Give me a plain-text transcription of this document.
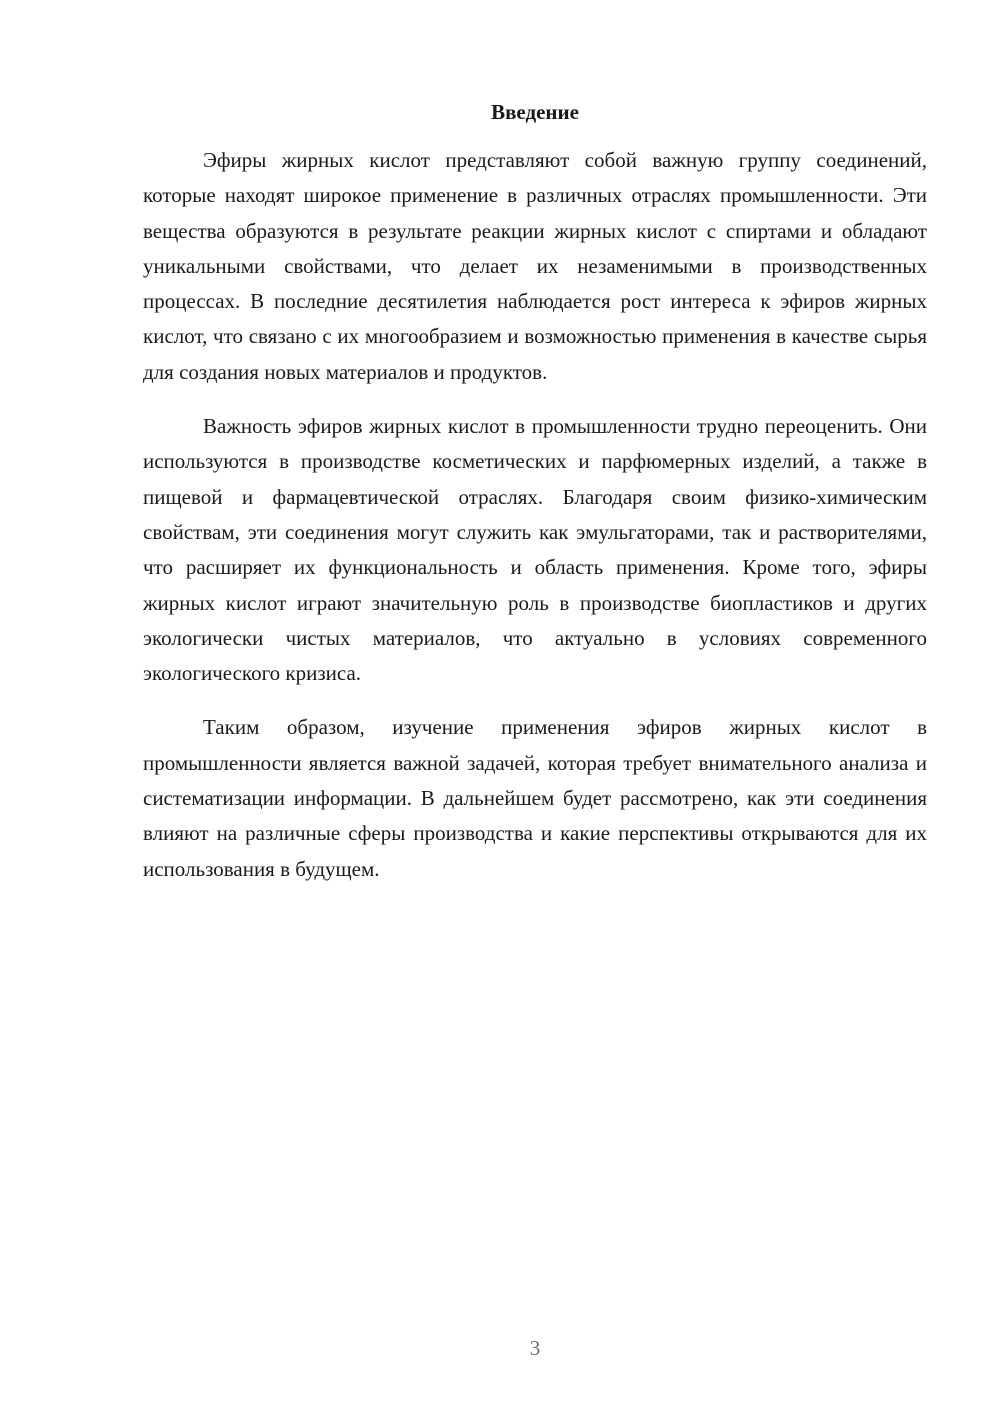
Введение

Эфиры жирных кислот представляют собой важную группу соединений, которые находят широкое применение в различных отраслях промышленности. Эти вещества образуются в результате реакции жирных кислот с спиртами и обладают уникальными свойствами, что делает их незаменимыми в производственных процессах. В последние десятилетия наблюдается рост интереса к эфиров жирных кислот, что связано с их многообразием и возможностью применения в качестве сырья для создания новых материалов и продуктов.

Важность эфиров жирных кислот в промышленности трудно переоценить. Они используются в производстве косметических и парфюмерных изделий, а также в пищевой и фармацевтической отраслях. Благодаря своим физико-химическим свойствам, эти соединения могут служить как эмульгаторами, так и растворителями, что расширяет их функциональность и область применения. Кроме того, эфиры жирных кислот играют значительную роль в производстве биопластиков и других экологически чистых материалов, что актуально в условиях современного экологического кризиса.

Таким образом, изучение применения эфиров жирных кислот в промышленности является важной задачей, которая требует внимательного анализа и систематизации информации. В дальнейшем будет рассмотрено, как эти соединения влияют на различные сферы производства и какие перспективы открываются для их использования в будущем.

3
